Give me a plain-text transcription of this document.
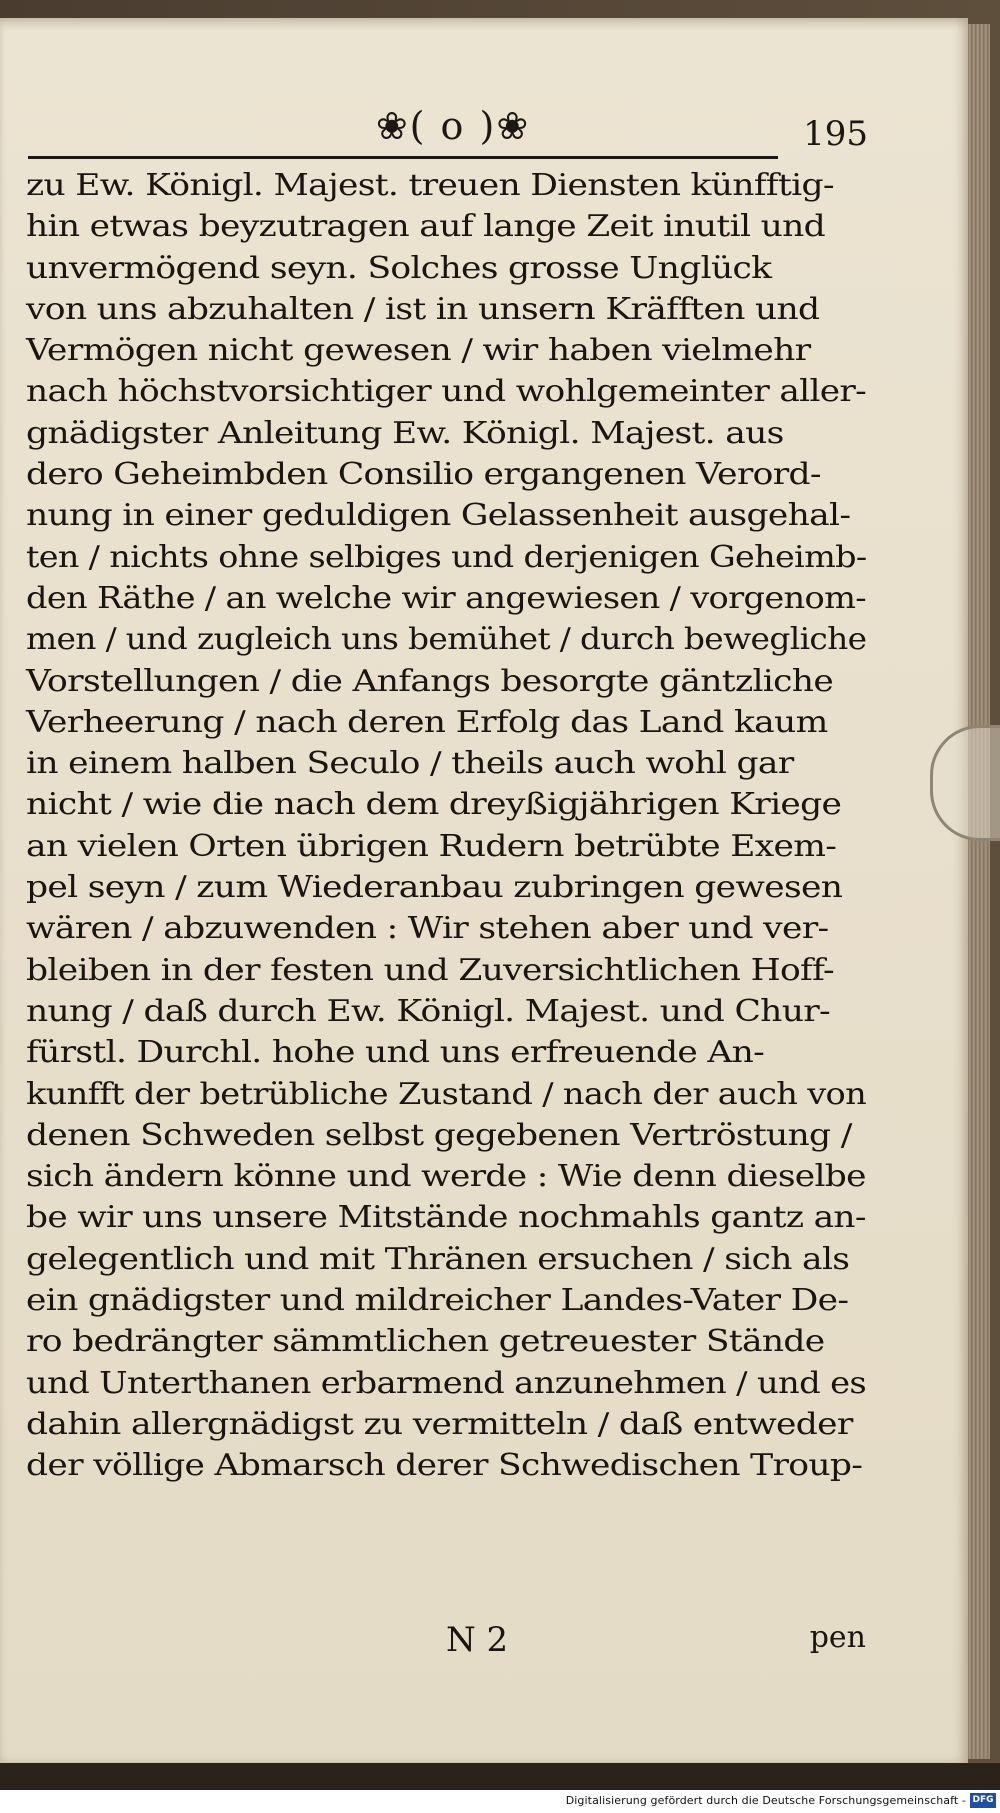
❀( o )❀	195
zu Ew. Königl. Majest. treuen Diensten künfftig-
hin etwas beyzutragen auf lange Zeit inutil und
unvermögend seyn. Solches grosse Unglück
von uns abzuhalten / ist in unsern Kräfften und
Vermögen nicht gewesen / wir haben vielmehr
nach höchstvorsichtiger und wohlgemeinter aller-
gnädigster Anleitung Ew. Königl. Majest. aus
dero Geheimbden Consilio ergangenen Verord-
nung in einer geduldigen Gelassenheit ausgehal-
ten / nichts ohne selbiges und derjenigen Geheimb-
den Räthe / an welche wir angewiesen / vorgenom-
men / und zugleich uns bemühet / durch bewegliche
Vorstellungen / die Anfangs besorgte gäntzliche
Verheerung / nach deren Erfolg das Land kaum
in einem halben Seculo / theils auch wohl gar
nicht / wie die nach dem dreyßigjährigen Kriege
an vielen Orten übrigen Rudern betrübte Exem-
pel seyn / zum Wiederanbau zubringen gewesen
wären / abzuwenden : Wir stehen aber und ver-
bleiben in der festen und Zuversichtlichen Hoff-
nung / daß durch Ew. Königl. Majest. und Chur-
fürstl. Durchl. hohe und uns erfreuende An-
kunfft der betrübliche Zustand / nach der auch von
denen Schweden selbst gegebenen Vertröstung /
sich ändern könne und werde : Wie denn dieselbe
be wir uns unsere Mitstände nochmahls gantz an-
gelegentlich und mit Thränen ersuchen / sich als
ein gnädigster und mildreicher Landes-Vater De-
ro bedrängter sämmtlichen getreuester Stände
und Unterthanen erbarmend anzunehmen / und es
dahin allergnädigst zu vermitteln / daß entweder
der völlige Abmarsch derer Schwedischen Troup-
N 2	pen
Digitalisierung gefördert durch die Deutsche Forschungsgemeinschaft - DFG
